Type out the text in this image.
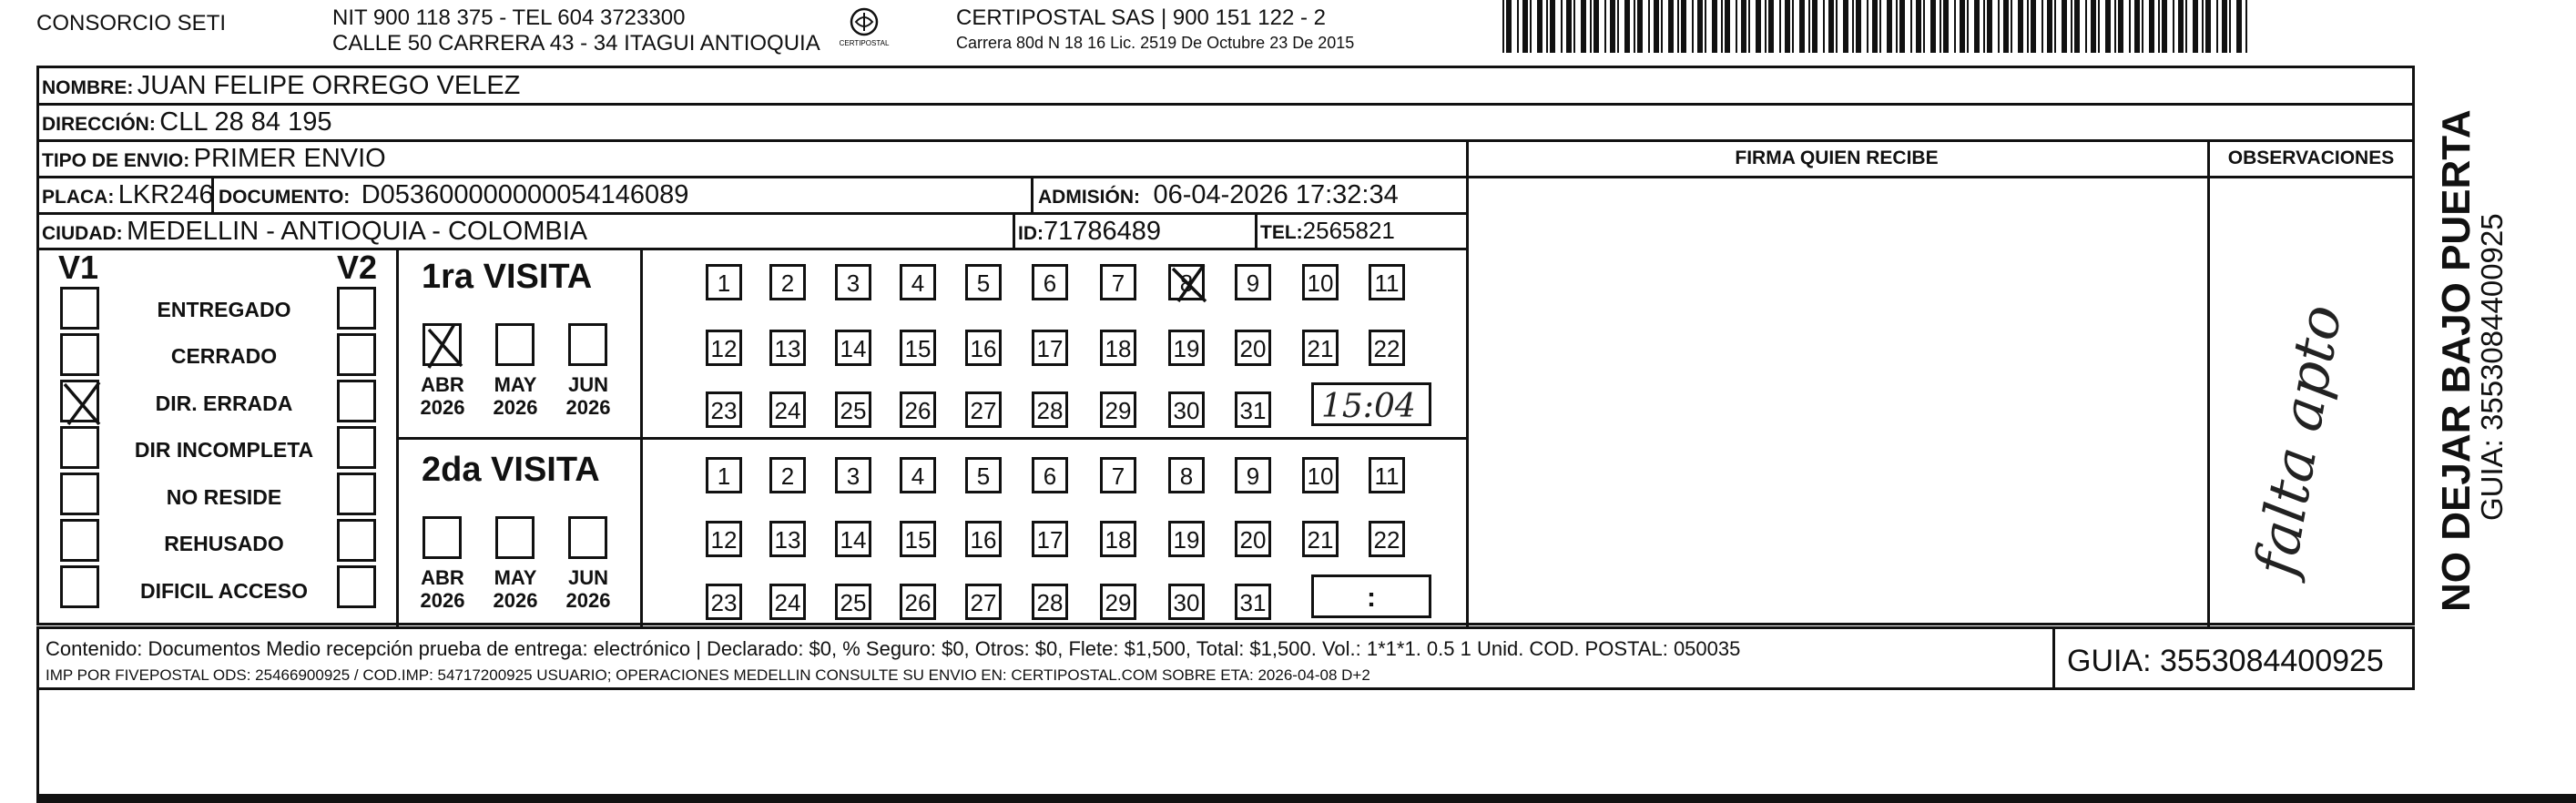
CONSORCIO SETI	NIT 900 118 375 - TEL 604 3723300
CALLE 50 CARRERA 43 - 34 ITAGUI ANTIOQUIA	CERTIPOSTAL
CERTIPOSTAL SAS | 900 151 122 - 2
Carrera 80d N 18 16 Lic. 2519 De Octubre 23 De 2015
FIRMA QUIEN RECIBE	OBSERVACIONES
NOMBRE: JUAN FELIPE ORREGO VELEZ
DIRECCIÓN: CLL 28 84 195
TIPO DE ENVIO: PRIMER ENVIO
PLACA: LKR246 DOCUMENTO: D053600000000054146089	ADMISIÓN: 06-04-2026 17:32:34
CIUDAD: MEDELLIN - ANTIOQUIA - COLOMBIA	ID:71786489	TEL:2565821
V1	V2
ENTREGADO
CERRADO
DIR. ERRADA
DIR INCOMPLETA
NO RESIDE
REHUSADO
DIFICIL ACCESO
1ra VISITA
ABR
2026
MAY
2026
JUN
2026
2da VISITA
ABR
2026
MAY
2026
JUN
2026
1	2	3	4	5	6	7	8	9	10 11
12 13 14 15 16 17 18 19 20 21 22
23 24 25 26 27 28 29 30 31
1	2	3	4	5	6	7	8	9	10 11
12 13 14 15 16 17 18 19 20 21 22
23 24 25 26 27 28 29 30 31
15:04
:
falta apto NO DEJAR BAJO PUERTA
GUIA: 3553084400925
Contenido: Documentos Medio recepción prueba de entrega: electrónico | Declarado: $0, % Seguro: $0, Otros: $0, Flete: $1,500, Total: $1,500. Vol.: 1*1*1. 0.5 1 Unid. COD. POSTAL: 050035
IMP POR FIVEPOSTAL ODS: 25466900925 / COD.IMP: 54717200925 USUARIO; OPERACIONES MEDELLIN CONSULTE SU ENVIO EN: CERTIPOSTAL.COM SOBRE ETA: 2026-04-08 D+2	GUIA: 3553084400925
